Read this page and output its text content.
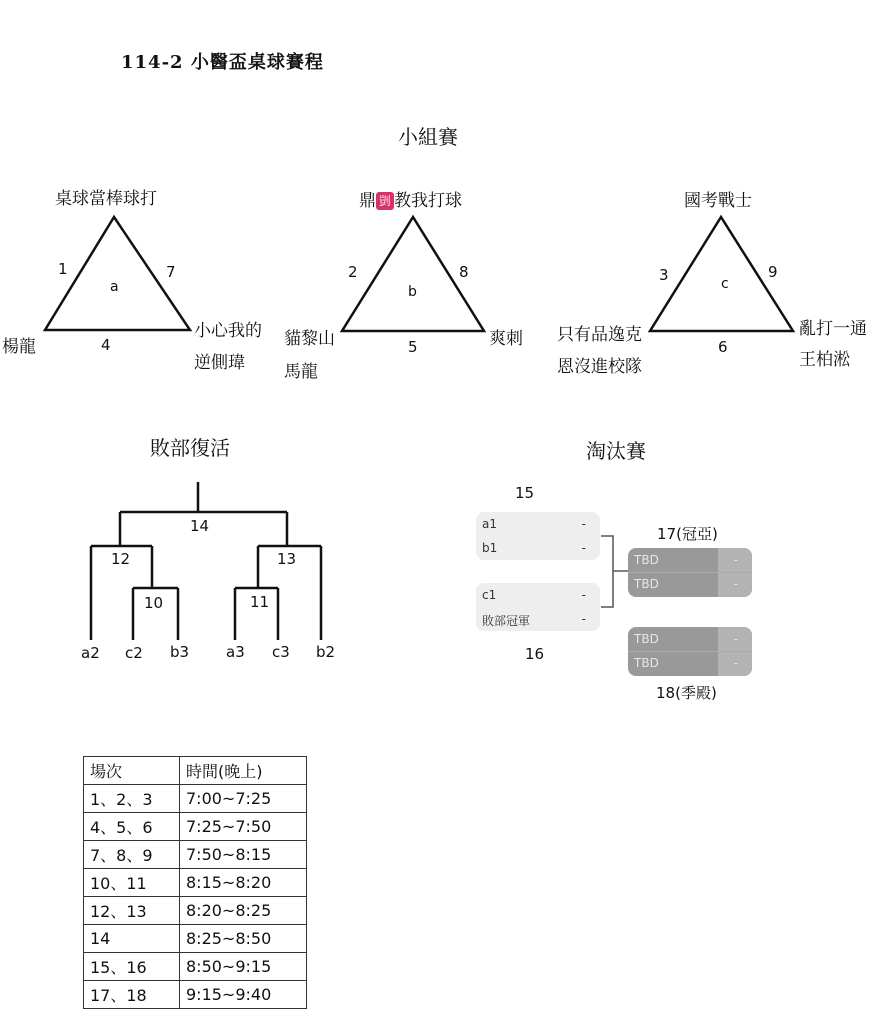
114-2 小醫盃桌球賽程
小組賽
桌球當棒球打
1	7
a
4
楊龍
小心我的
逆側瑋
鼎 剴 教我打球
2	8
b
5
貓黎山
馬龍
爽刺
國考戰士
3	9
c
6
只有品逸克
恩沒進校隊
亂打一通
王柏淞
敗部復活
14
12	13
10	11
a2 c2 b3 a3 c3 b2
淘汰賽
15
a1	-
b1	-
c1	-
敗部冠軍	-
16
17(冠亞)
TBD	-
TBD	-
TBD	-
TBD	-
18(季殿)
場次	時間(晚上)
1、2、3	7:00~7:25
4、5、6	7:25~7:50
7、8、9	7:50~8:15
10、11	8:15~8:20
12、13	8:20~8:25
14	8:25~8:50
15、16	8:50~9:15
17、18	9:15~9:40
